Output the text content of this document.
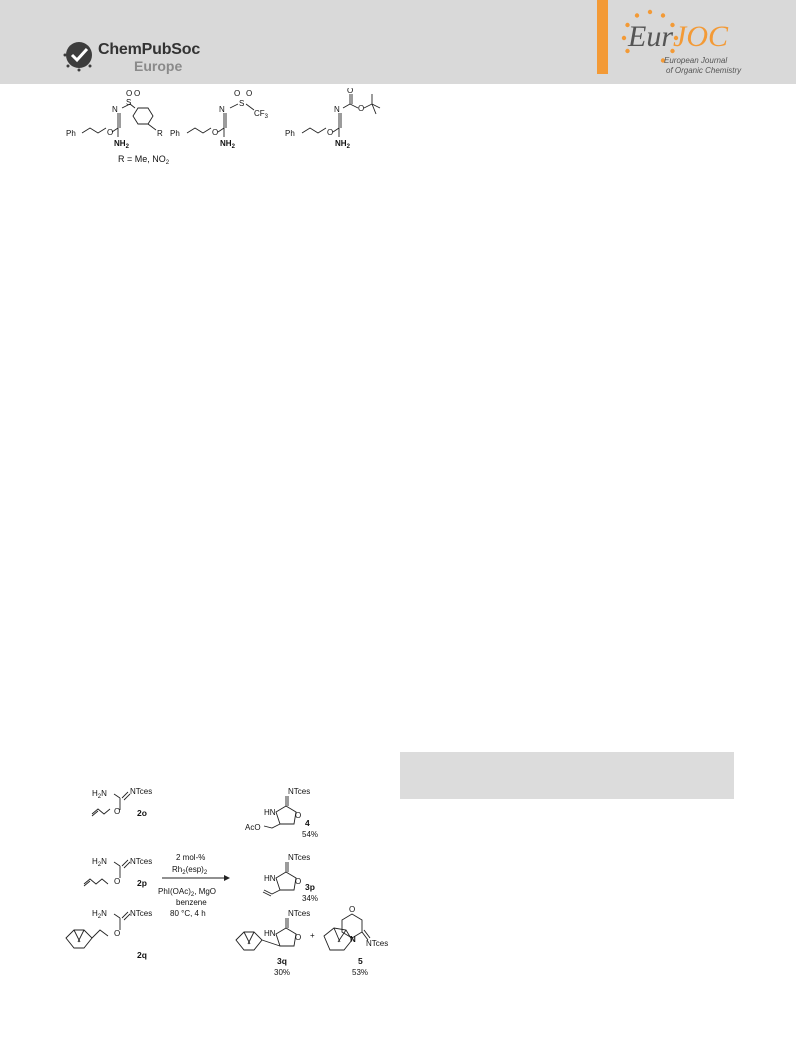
ChemPubSoc
Europe
EurJOC
European Journal
of Organic Chemistry
Ph	O
N
O O
S
$NH_2$
R
R = Me, $NO_2$
Ph	O
N
O O
S
$CF_3$
$NH_2$
Ph	O
N
O
O
$NH_2$
$H_2N$	NTces
O 2o
$H_2N$	NTces
O 2p
$H_2N$	NTces
O
2q
2 mol-%
$Rh_2(esp)_2$
$PhI(OAc)_2$, MgO
benzene
80 °C, 4 h
NTces
HN O
AcO	4
54%
NTces
HN O
3p
34%
NTces
HN O
3q
30%
+
O
N NTces
5
53%
